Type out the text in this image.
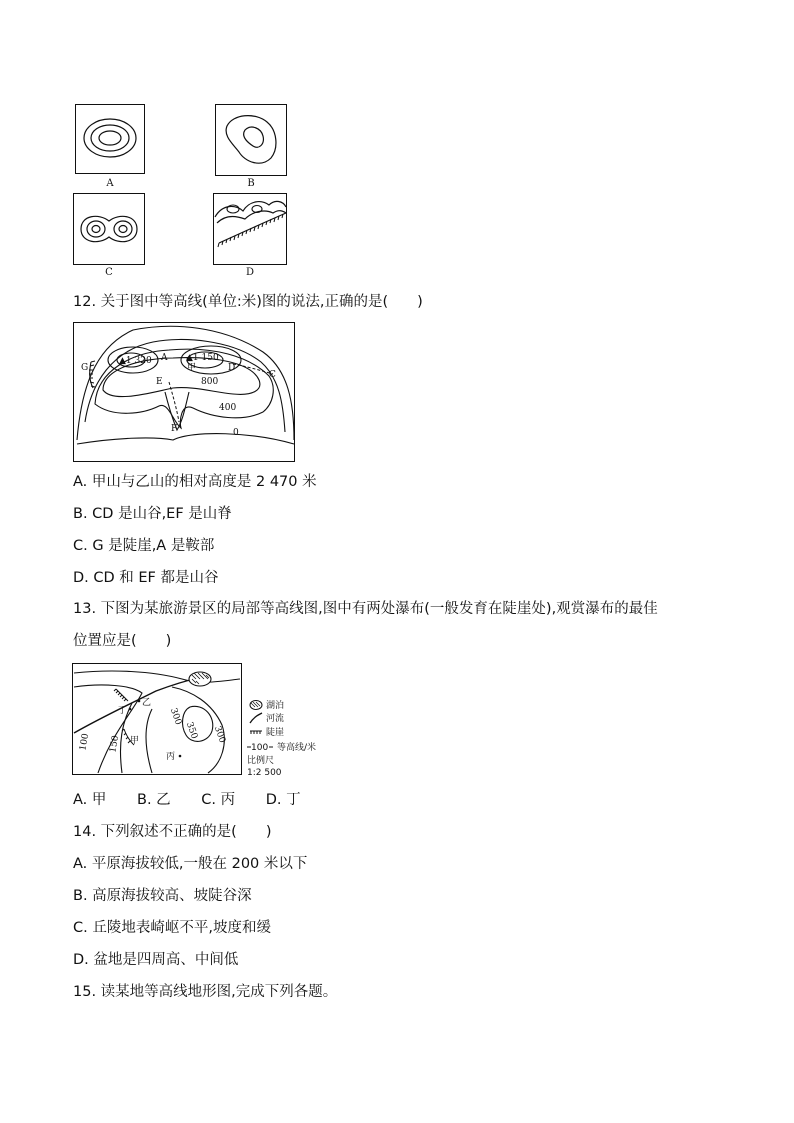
A	B
C	D
12. 关于图中等高线(单位:米)图的说法,正确的是(　　)
▲1 320	▲1 150
A
甲	D
C
800
E
G
400
F	0
A. 甲山与乙山的相对高度是 2 470 米
B. CD 是山谷,EF 是山脊
C. G 是陡崖,A 是鞍部
D. CD 和 EF 都是山谷
13. 下图为某旅游景区的局部等高线图,图中有两处瀑布(一般发育在陡崖处),观赏瀑布的最佳
位置应是(　　)
丁
乙
甲
丙
100 150
300
350 300
湖泊
河流
陡崖
100 等高线/米
比例尺
1:2 500
A. 甲 B. 乙 C. 丙 D. 丁
14. 下列叙述不正确的是(　　)
A. 平原海拔较低,一般在 200 米以下
B. 高原海拔较高、坡陡谷深
C. 丘陵地表崎岖不平,坡度和缓
D. 盆地是四周高、中间低
15. 读某地等高线地形图,完成下列各题。
